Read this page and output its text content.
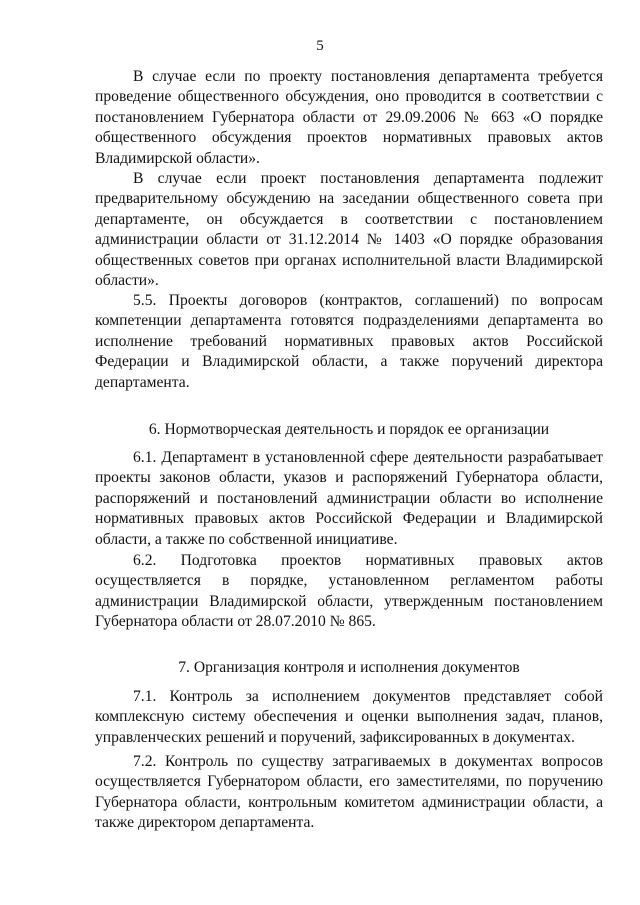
5

В случае если по проекту постановления департамента требуется проведение общественного обсуждения, оно проводится в соответствии с постановлением Губернатора области от 29.09.2006 № 663 «О порядке общественного обсуждения проектов нормативных правовых актов Владимирской области».

В случае если проект постановления департамента подлежит предварительному обсуждению на заседании общественного совета при департаменте, он обсуждается в соответствии с постановлением администрации области от 31.12.2014 № 1403 «О порядке образования общественных советов при органах исполнительной власти Владимирской области».

5.5. Проекты договоров (контрактов, соглашений) по вопросам компетенции департамента готовятся подразделениями департамента во исполнение требований нормативных правовых актов Российской Федерации и Владимирской области, а также поручений директора департамента.

6. Нормотворческая деятельность и порядок ее организации

6.1. Департамент в установленной сфере деятельности разрабатывает проекты законов области, указов и распоряжений Губернатора области, распоряжений и постановлений администрации области во исполнение нормативных правовых актов Российской Федерации и Владимирской области, а также по собственной инициативе.

6.2. Подготовка проектов нормативных правовых актов осуществляется в порядке, установленном регламентом работы администрации Владимирской области, утвержденным постановлением Губернатора области от 28.07.2010 № 865.

7. Организация контроля и исполнения документов

7.1. Контроль за исполнением документов представляет собой комплексную систему обеспечения и оценки выполнения задач, планов, управленческих решений и поручений, зафиксированных в документах.

7.2. Контроль по существу затрагиваемых в документах вопросов осуществляется Губернатором области, его заместителями, по поручению Губернатора области, контрольным комитетом администрации области, а также директором департамента.
